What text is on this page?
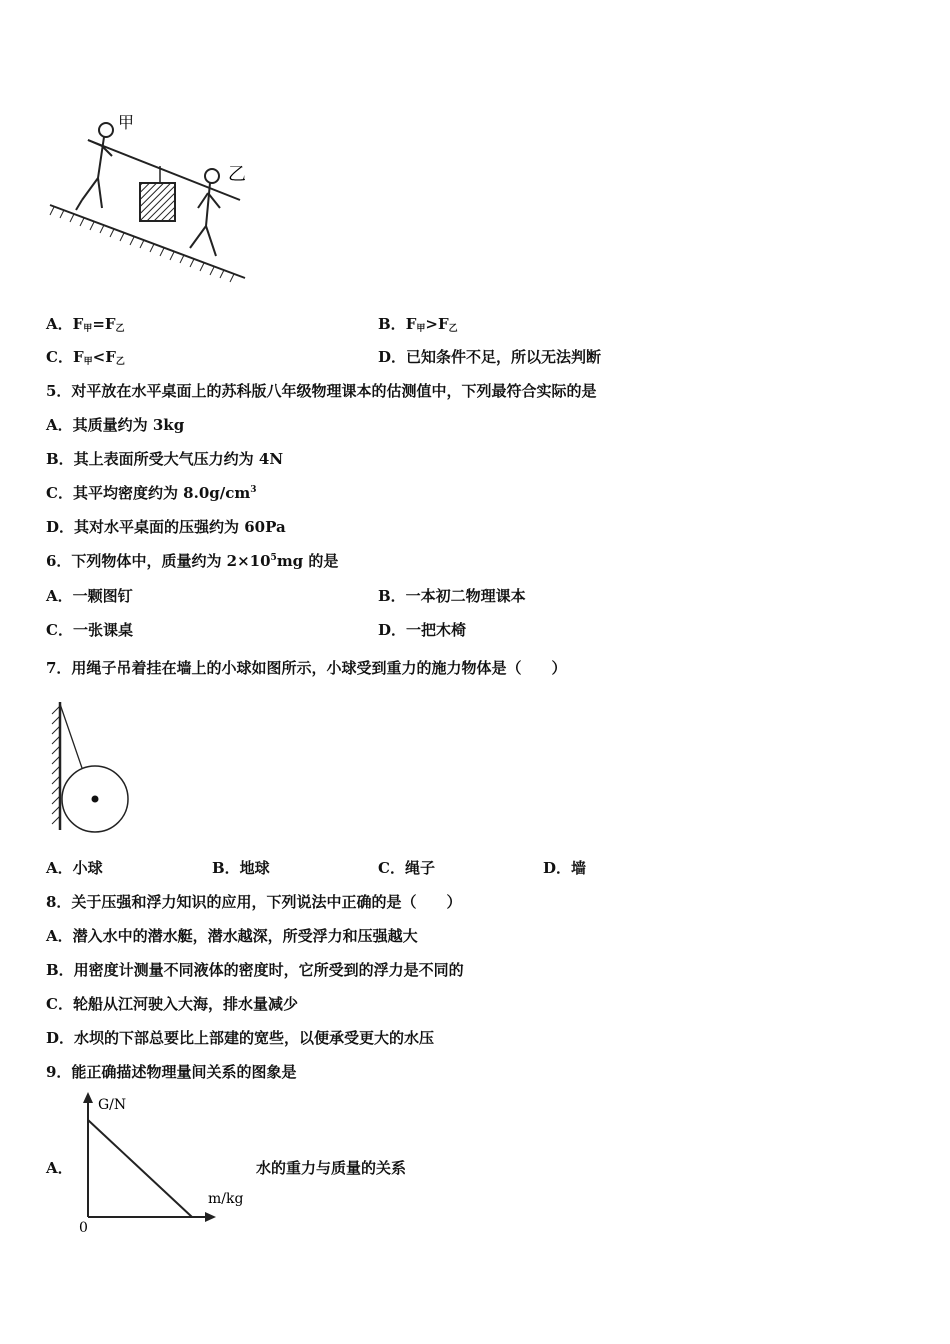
甲
乙
A．$F_甲=F_乙$	B．$F_甲>F_乙$
C．$F_甲<F_乙$	D．已知条件不足，所以无法判断
5．对平放在水平桌面上的苏科版八年级物理课本的估测值中，下列最符合实际的是
A．其质量约为 3kg
B．其上表面所受大气压力约为 4N
C．其平均密度约为 $8.0g/cm^3$
D．其对水平桌面的压强约为 60Pa
6．下列物体中，质量约为 $2\times 10^5mg$ 的是
A．一颗图钉	B．一本初二物理课本
C．一张课桌	D．一把木椅
7．用绳子吊着挂在墙上的小球如图所示，小球受到重力的施力物体是（　　）
A．小球	B．地球	C．绳子	D．墙
8．关于压强和浮力知识的应用，下列说法中正确的是（　　）
A．潜入水中的潜水艇，潜水越深，所受浮力和压强越大
B．用密度计测量不同液体的密度时，它所受到的浮力是不同的
C．轮船从江河驶入大海，排水量减少
D．水坝的下部总要比上部建的宽些，以便承受更大的水压
9．能正确描述物理量间关系的图象是
A．
G/N
m/kg
0
水的重力与质量的关系
